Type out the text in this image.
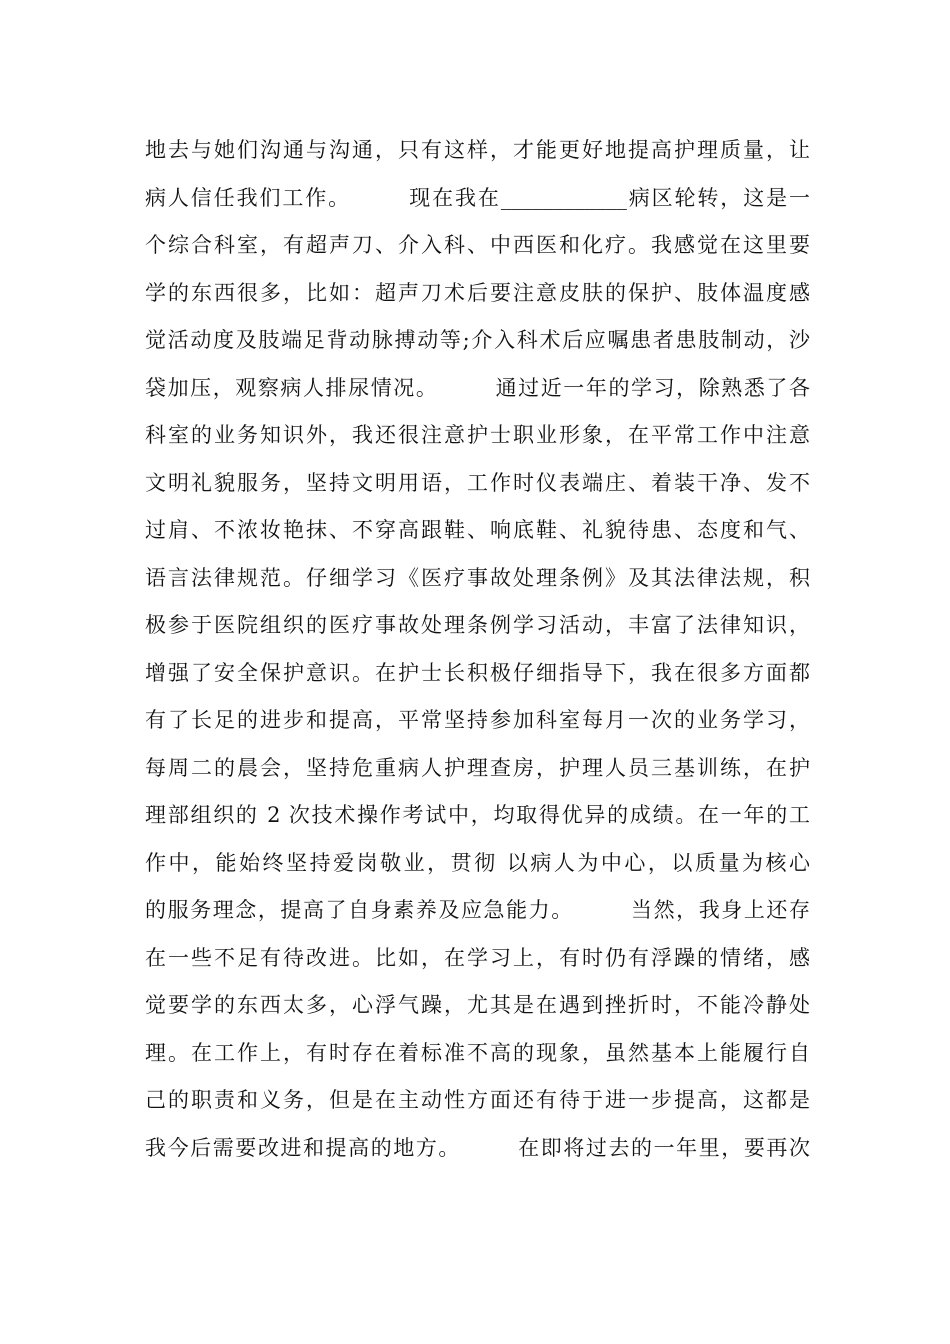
地去与她们沟通与沟通，只有这样，才能更好地提高护理质量，让
病人信任我们工作。　　　现在我在____________病区轮转，这是一
个综合科室，有超声刀、介入科、中西医和化疗。我感觉在这里要
学的东西很多，比如：超声刀术后要注意皮肤的保护、肢体温度感
觉活动度及肢端足背动脉搏动等;介入科术后应嘱患者患肢制动，沙
袋加压，观察病人排尿情况。　　　通过近一年的学习，除熟悉了各
科室的业务知识外，我还很注意护士职业形象，在平常工作中注意
文明礼貌服务，坚持文明用语，工作时仪表端庄、着装干净、发不
过肩、不浓妆艳抹、不穿高跟鞋、响底鞋、礼貌待患、态度和气、
语言法律规范。仔细学习《医疗事故处理条例》及其法律法规，积
极参于医院组织的医疗事故处理条例学习活动，丰富了法律知识，
增强了安全保护意识。在护士长积极仔细指导下，我在很多方面都
有了长足的进步和提高，平常坚持参加科室每月一次的业务学习，
每周二的晨会，坚持危重病人护理查房，护理人员三基训练，在护
理部组织的 2 次技术操作考试中，均取得优异的成绩。在一年的工
作中，能始终坚持爱岗敬业，贯彻 以病人为中心，以质量为核心
的服务理念，提高了自身素养及应急能力。　　　当然，我身上还存
在一些不足有待改进。比如，在学习上，有时仍有浮躁的情绪，感
觉要学的东西太多，心浮气躁，尤其是在遇到挫折时，不能冷静处
理。在工作上，有时存在着标准不高的现象，虽然基本上能履行自
己的职责和义务，但是在主动性方面还有待于进一步提高，这都是
我今后需要改进和提高的地方。　　　在即将过去的一年里，要再次
